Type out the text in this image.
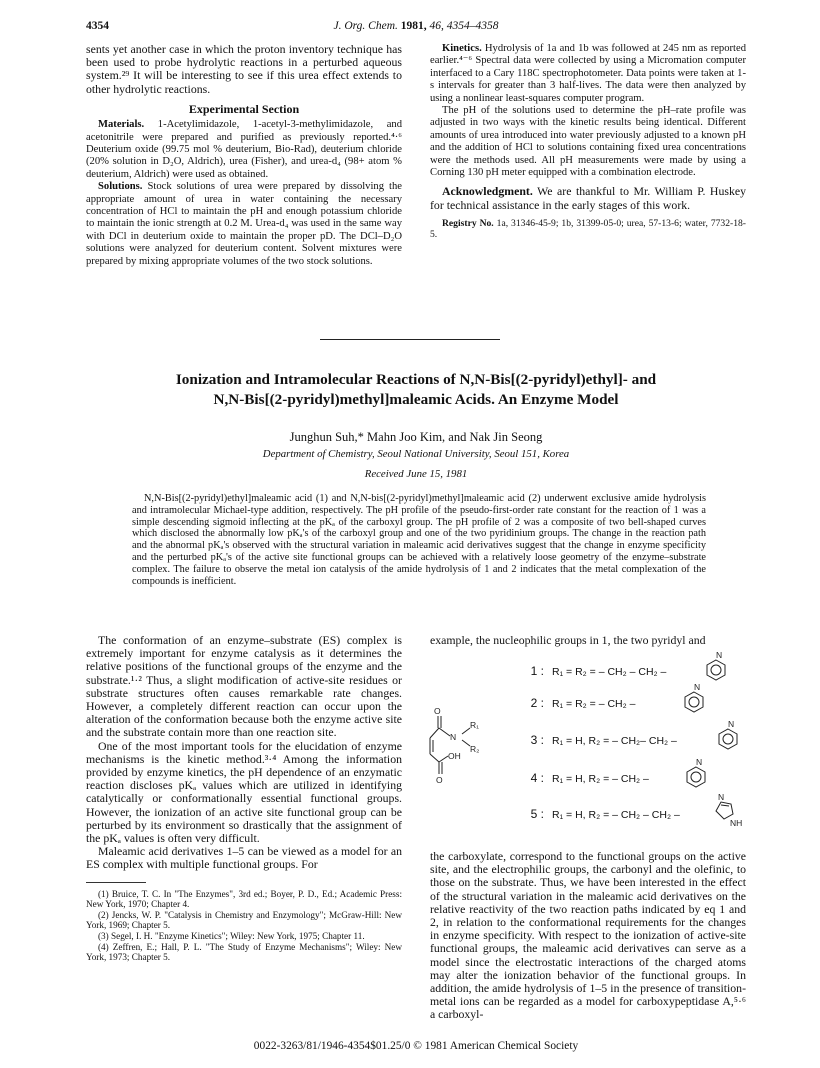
4354	J. Org. Chem. 1981, 46, 4354–4358

sents yet another case in which the proton inventory technique has been used to probe hydrolytic reactions in a perturbed aqueous system.²⁹ It will be interesting to see if this urea effect extends to other hydrolytic reactions.

Experimental Section

Materials. 1-Acetylimidazole, 1-acetyl-3-methylimidazole, and acetonitrile were prepared and purified as previously reported.⁴·⁶ Deuterium oxide (99.75 mol % deuterium, Bio-Rad), deuterium chloride (20% solution in D₂O, Aldrich), urea (Fisher), and urea-d₄ (98+ atom % deuterium, Aldrich) were used as obtained.

Solutions. Stock solutions of urea were prepared by dissolving the appropriate amount of urea in water containing the necessary concentration of HCl to maintain the pH and enough potassium chloride to maintain the ionic strength at 0.2 M. Urea-d₄ was used in the same way with DCl in deuterium oxide to maintain the proper pD. The DCl–D₂O solutions were analyzed for deuterium content. Solvent mixtures were prepared by mixing appropriate volumes of the two stock solutions.

Kinetics. Hydrolysis of 1a and 1b was followed at 245 nm as reported earlier.⁴⁻⁶ Spectral data were collected by using a Micromation computer interfaced to a Cary 118C spectrophotometer. Data points were taken at 1-s intervals for greater than 3 half-lives. The data were then analyzed by using a nonlinear least-squares computer program.

The pH of the solutions used to determine the pH–rate profile was adjusted in two ways with the kinetic results being identical. Different amounts of urea introduced into water previously adjusted to a known pH and the addition of HCl to solutions containing fixed urea concentrations were the methods used. All pH measurements were made by using a Corning 130 pH meter equipped with a combination electrode.

Acknowledgment. We are thankful to Mr. William P. Huskey for technical assistance in the early stages of this work.

Registry No. 1a, 31346-45-9; 1b, 31399-05-0; urea, 57-13-6; water, 7732-18-5.

Ionization and Intramolecular Reactions of N,N-Bis[(2-pyridyl)ethyl]- and
N,N-Bis[(2-pyridyl)methyl]maleamic Acids. An Enzyme Model
Junghun Suh,* Mahn Joo Kim, and Nak Jin Seong
Department of Chemistry, Seoul National University, Seoul 151, Korea
Received June 15, 1981
N,N-Bis[(2-pyridyl)ethyl]maleamic acid (1) and N,N-bis[(2-pyridyl)methyl]maleamic acid (2) underwent exclusive amide hydrolysis and intramolecular Michael-type addition, respectively. The pH profile of the pseudo-first-order rate constant for the reaction of 1 was a simple descending sigmoid inflecting at the pKₐ of the carboxyl group. The pH profile of 2 was a composite of two bell-shaped curves which disclosed the abnormally low pKₐ's of the carboxyl group and one of the two pyridinium groups. The change in the reaction path and the abnormal pKₐ's observed with the structural variation in maleamic acid derivatives suggest that the change in enzyme specificity and the perturbed pKₐ's of the active site functional groups can be achieved with a relatively loose geometry of the enzyme–substrate complex. The failure to observe the metal ion catalysis of the amide hydrolysis of 1 and 2 indicates that the metal complexation of the compounds is inefficient.

The conformation of an enzyme–substrate (ES) complex is extremely important for enzyme catalysis as it determines the relative positions of the functional groups of the enzyme and the substrate.¹·² Thus, a slight modification of active-site residues or substrate structures often causes remarkable rate changes. However, a completely different reaction can occur upon the alteration of the conformation because both the enzyme active site and the substrate contain more than one reaction site.

One of the most important tools for the elucidation of enzyme mechanisms is the kinetic method.³·⁴ Among the information provided by enzyme kinetics, the pH dependence of an enzymatic reaction discloses pKₐ values which are utilized in identifying catalytically or conformationally essential functional groups. However, the ionization of an active site functional group can be perturbed by its environment so drastically that the assignment of the pKₐ values is often very difficult.

Maleamic acid derivatives 1–5 can be viewed as a model for an ES complex with multiple functional groups. For

(1) Bruice, T. C. In "The Enzymes", 3rd ed.; Boyer, P. D., Ed.; Academic Press: New York, 1970; Chapter 4.

(2) Jencks, W. P. "Catalysis in Chemistry and Enzymology"; McGraw-Hill: New York, 1969; Chapter 5.

(3) Segel, I. H. "Enzyme Kinetics"; Wiley: New York, 1975; Chapter 11.

(4) Zeffren, E.; Hall, P. L. "The Study of Enzyme Mechanisms"; Wiley: New York, 1973; Chapter 5.

example, the nucleophilic groups in 1, the two pyridyl and

O
N
R₁
R₂
OH
O
N
N
N
N
N
NH
1 : R₁ = R₂ = – CH₂ – CH₂ –
2 : R₁ = R₂ = – CH₂ –
3 : R₁ = H, R₂ = – CH₂– CH₂ –
4 : R₁ = H, R₂ = – CH₂ –
5 : R₁ = H, R₂ = – CH₂ – CH₂ –

the carboxylate, correspond to the functional groups on the active site, and the electrophilic groups, the carbonyl and the olefinic, to those on the substrate. Thus, we have been interested in the effect of the structural variation in the maleamic acid derivatives on the relative reactivity of the two reaction paths indicated by eq 1 and 2, in relation to the conformational requirements for the changes in enzyme specificity. With respect to the ionization of active-site functional groups, the maleamic acid derivatives can serve as a model since the electrostatic interactions of the charged atoms may alter the ionization behavior of the functional groups. In addition, the amide hydrolysis of 1–5 in the presence of transition-metal ions can be regarded as a model for carboxypeptidase A,⁵·⁶ a carboxyl-

0022-3263/81/1946-4354$01.25/0 © 1981 American Chemical Society
